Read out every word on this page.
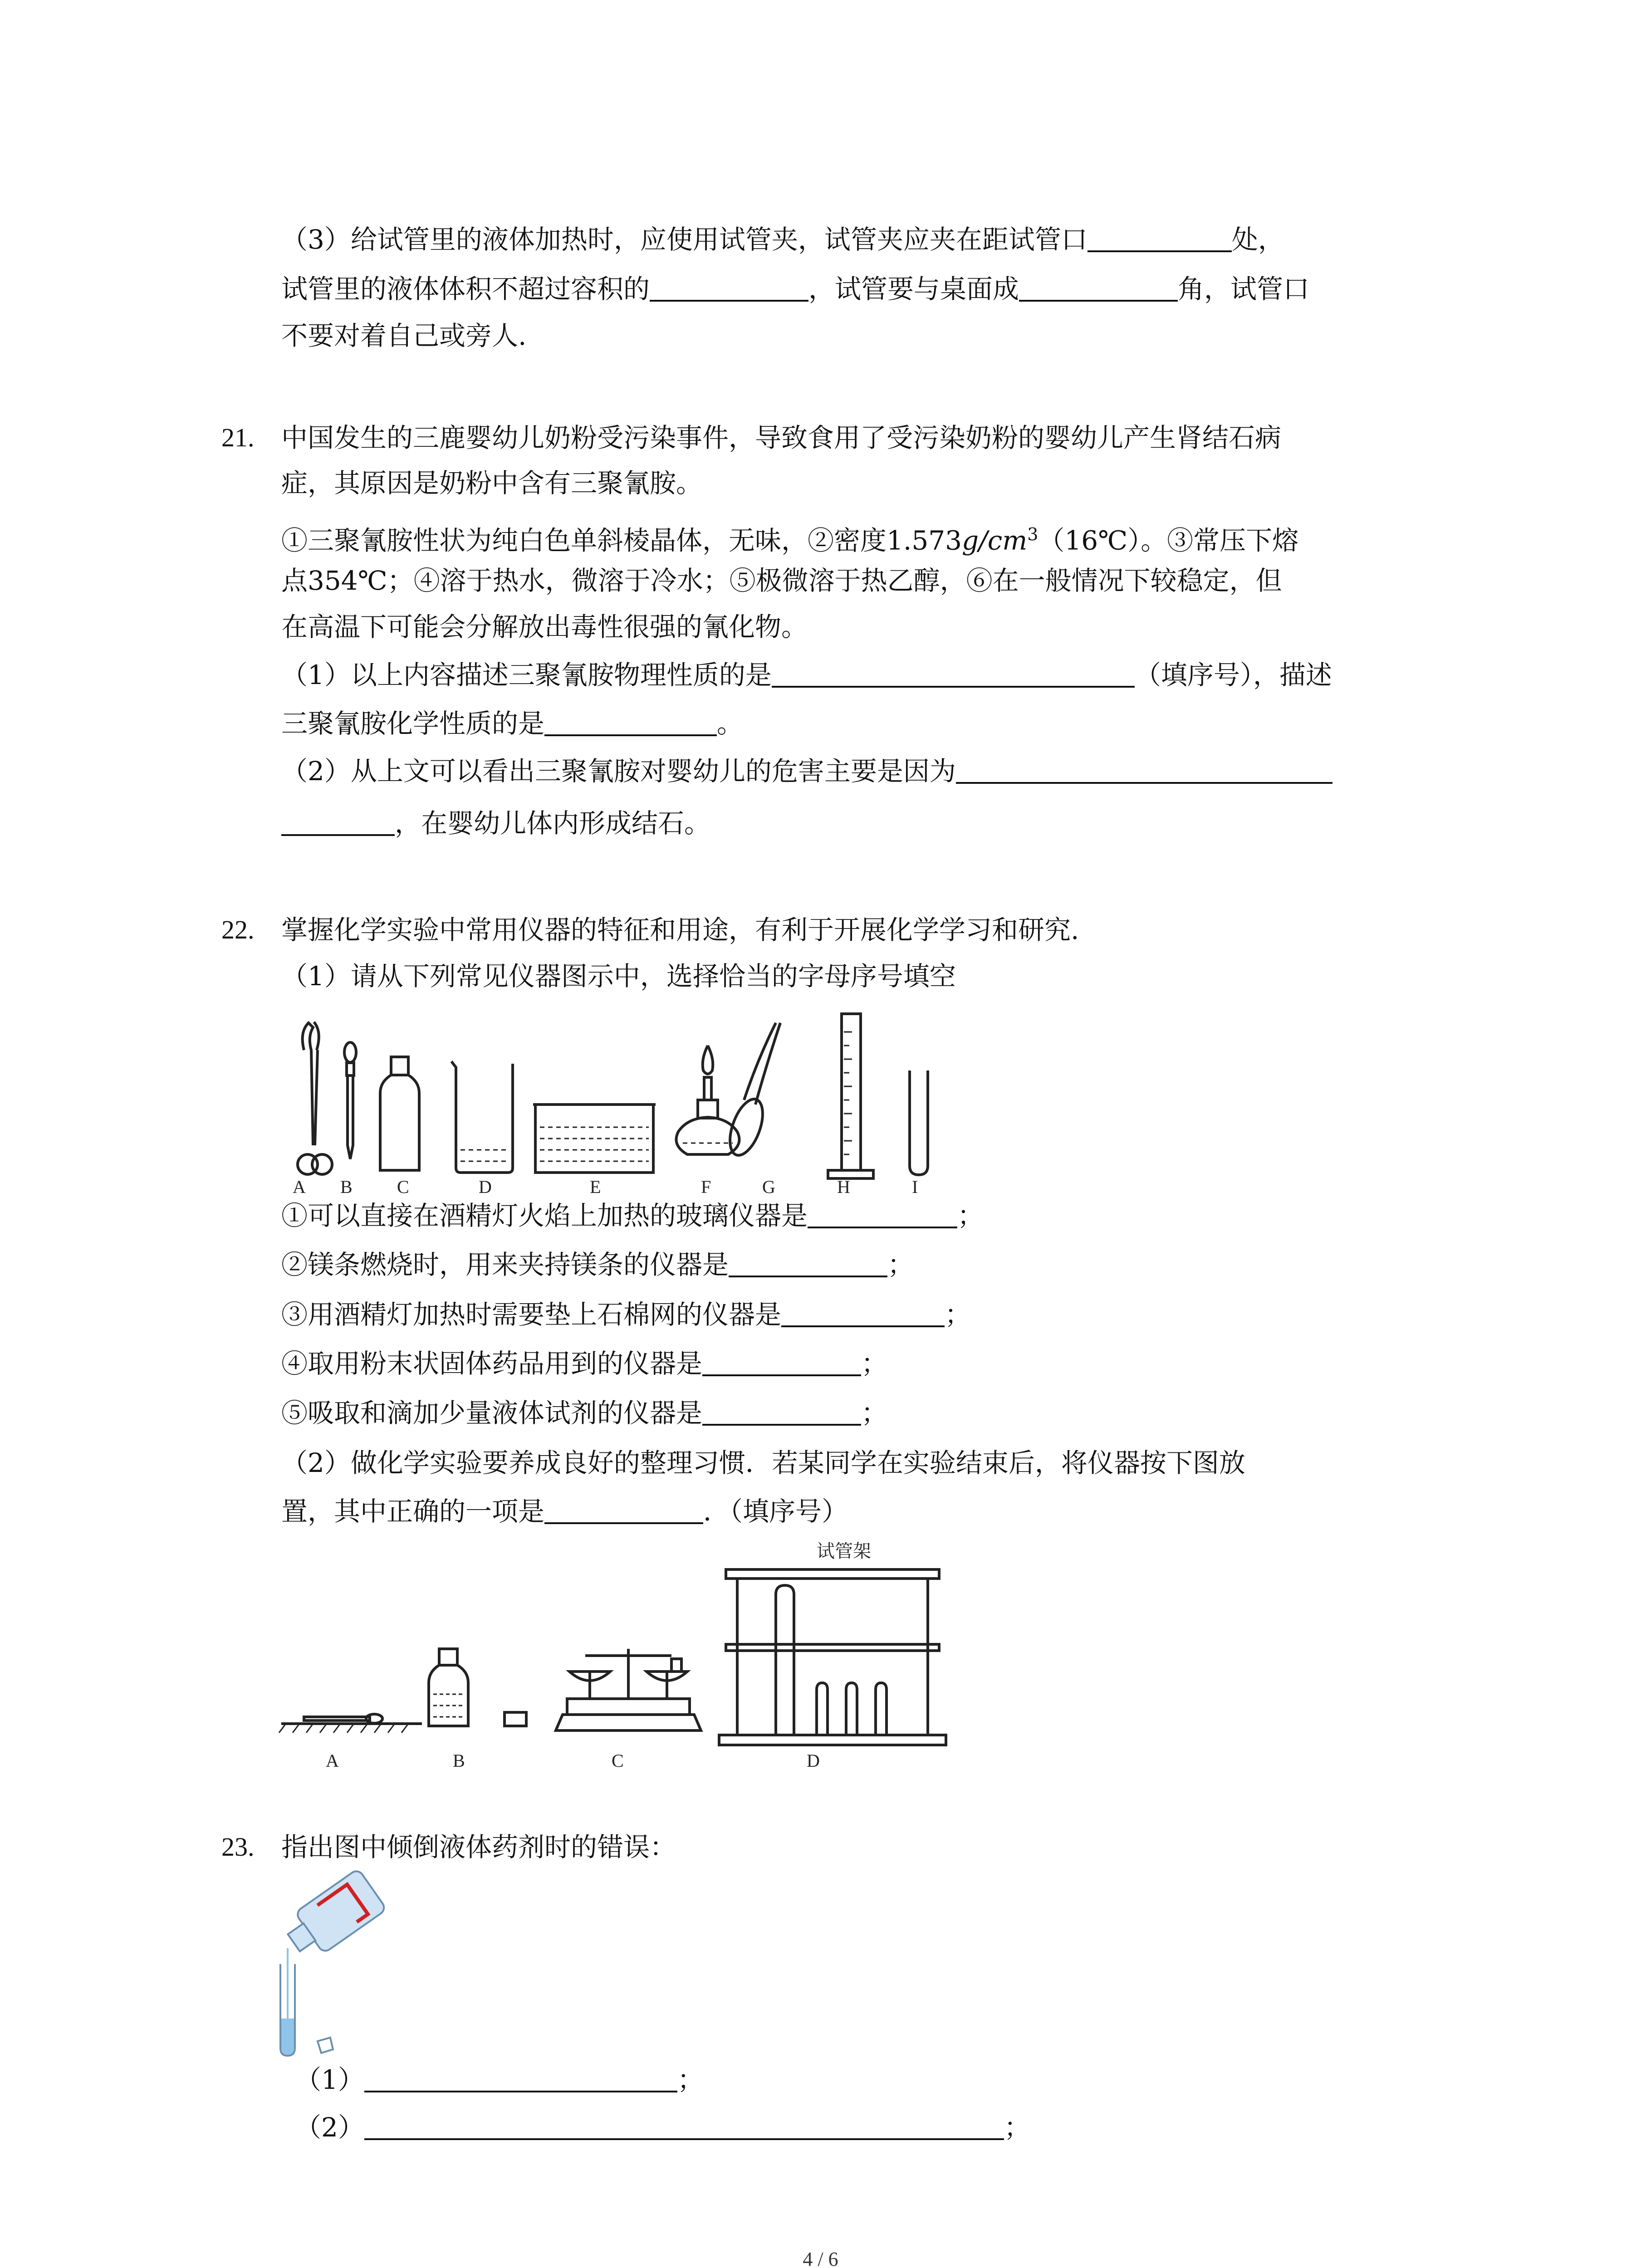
（3）给试管里的液体加热时，应使用试管夹，试管夹应夹在距试管口	处，
试管里的液体体积不超过容积的	，试管要与桌面成	角，试管口
不要对着自己或旁人.
21. 中国发生的三鹿婴幼儿奶粉受污染事件，导致食用了受污染奶粉的婴幼儿产生肾结石病
症，其原因是奶粉中含有三聚氰胺。
①三聚氰胺性状为纯白色单斜棱晶体，无味，②密度$1.573g/cm^3(16℃)$。③常压下熔
点354℃；④溶于热水，微溶于冷水；⑤极微溶于热乙醇，⑥在一般情况下较稳定，但
在高温下可能会分解放出毒性很强的氰化物。
（1）以上内容描述三聚氰胺物理性质的是	（填序号），描述
三聚氰胺化学性质的是	。
（2）从上文可以看出三聚氰胺对婴幼儿的危害主要是因为
，在婴幼儿体内形成结石。
22. 掌握化学实验中常用仪器的特征和用途，有利于开展化学学习和研究.
（1）请从下列常见仪器图示中，选择恰当的字母序号填空
A B C	D	E	F	G	H	I
①可以直接在酒精灯火焰上加热的玻璃仪器是	；
②镁条燃烧时，用来夹持镁条的仪器是	；
③用酒精灯加热时需要垫上石棉网的仪器是	；
④取用粉末状固体药品用到的仪器是	；
⑤吸取和滴加少量液体试剂的仪器是	；
（2）做化学实验要养成良好的整理习惯．若某同学在实验结束后，将仪器按下图放
置，其中正确的一项是	．（填序号）
试管架
A	B	C	D
23. 指出图中倾倒液体药剂时的错误：
（1）	；
（2）	；
4 / 6
